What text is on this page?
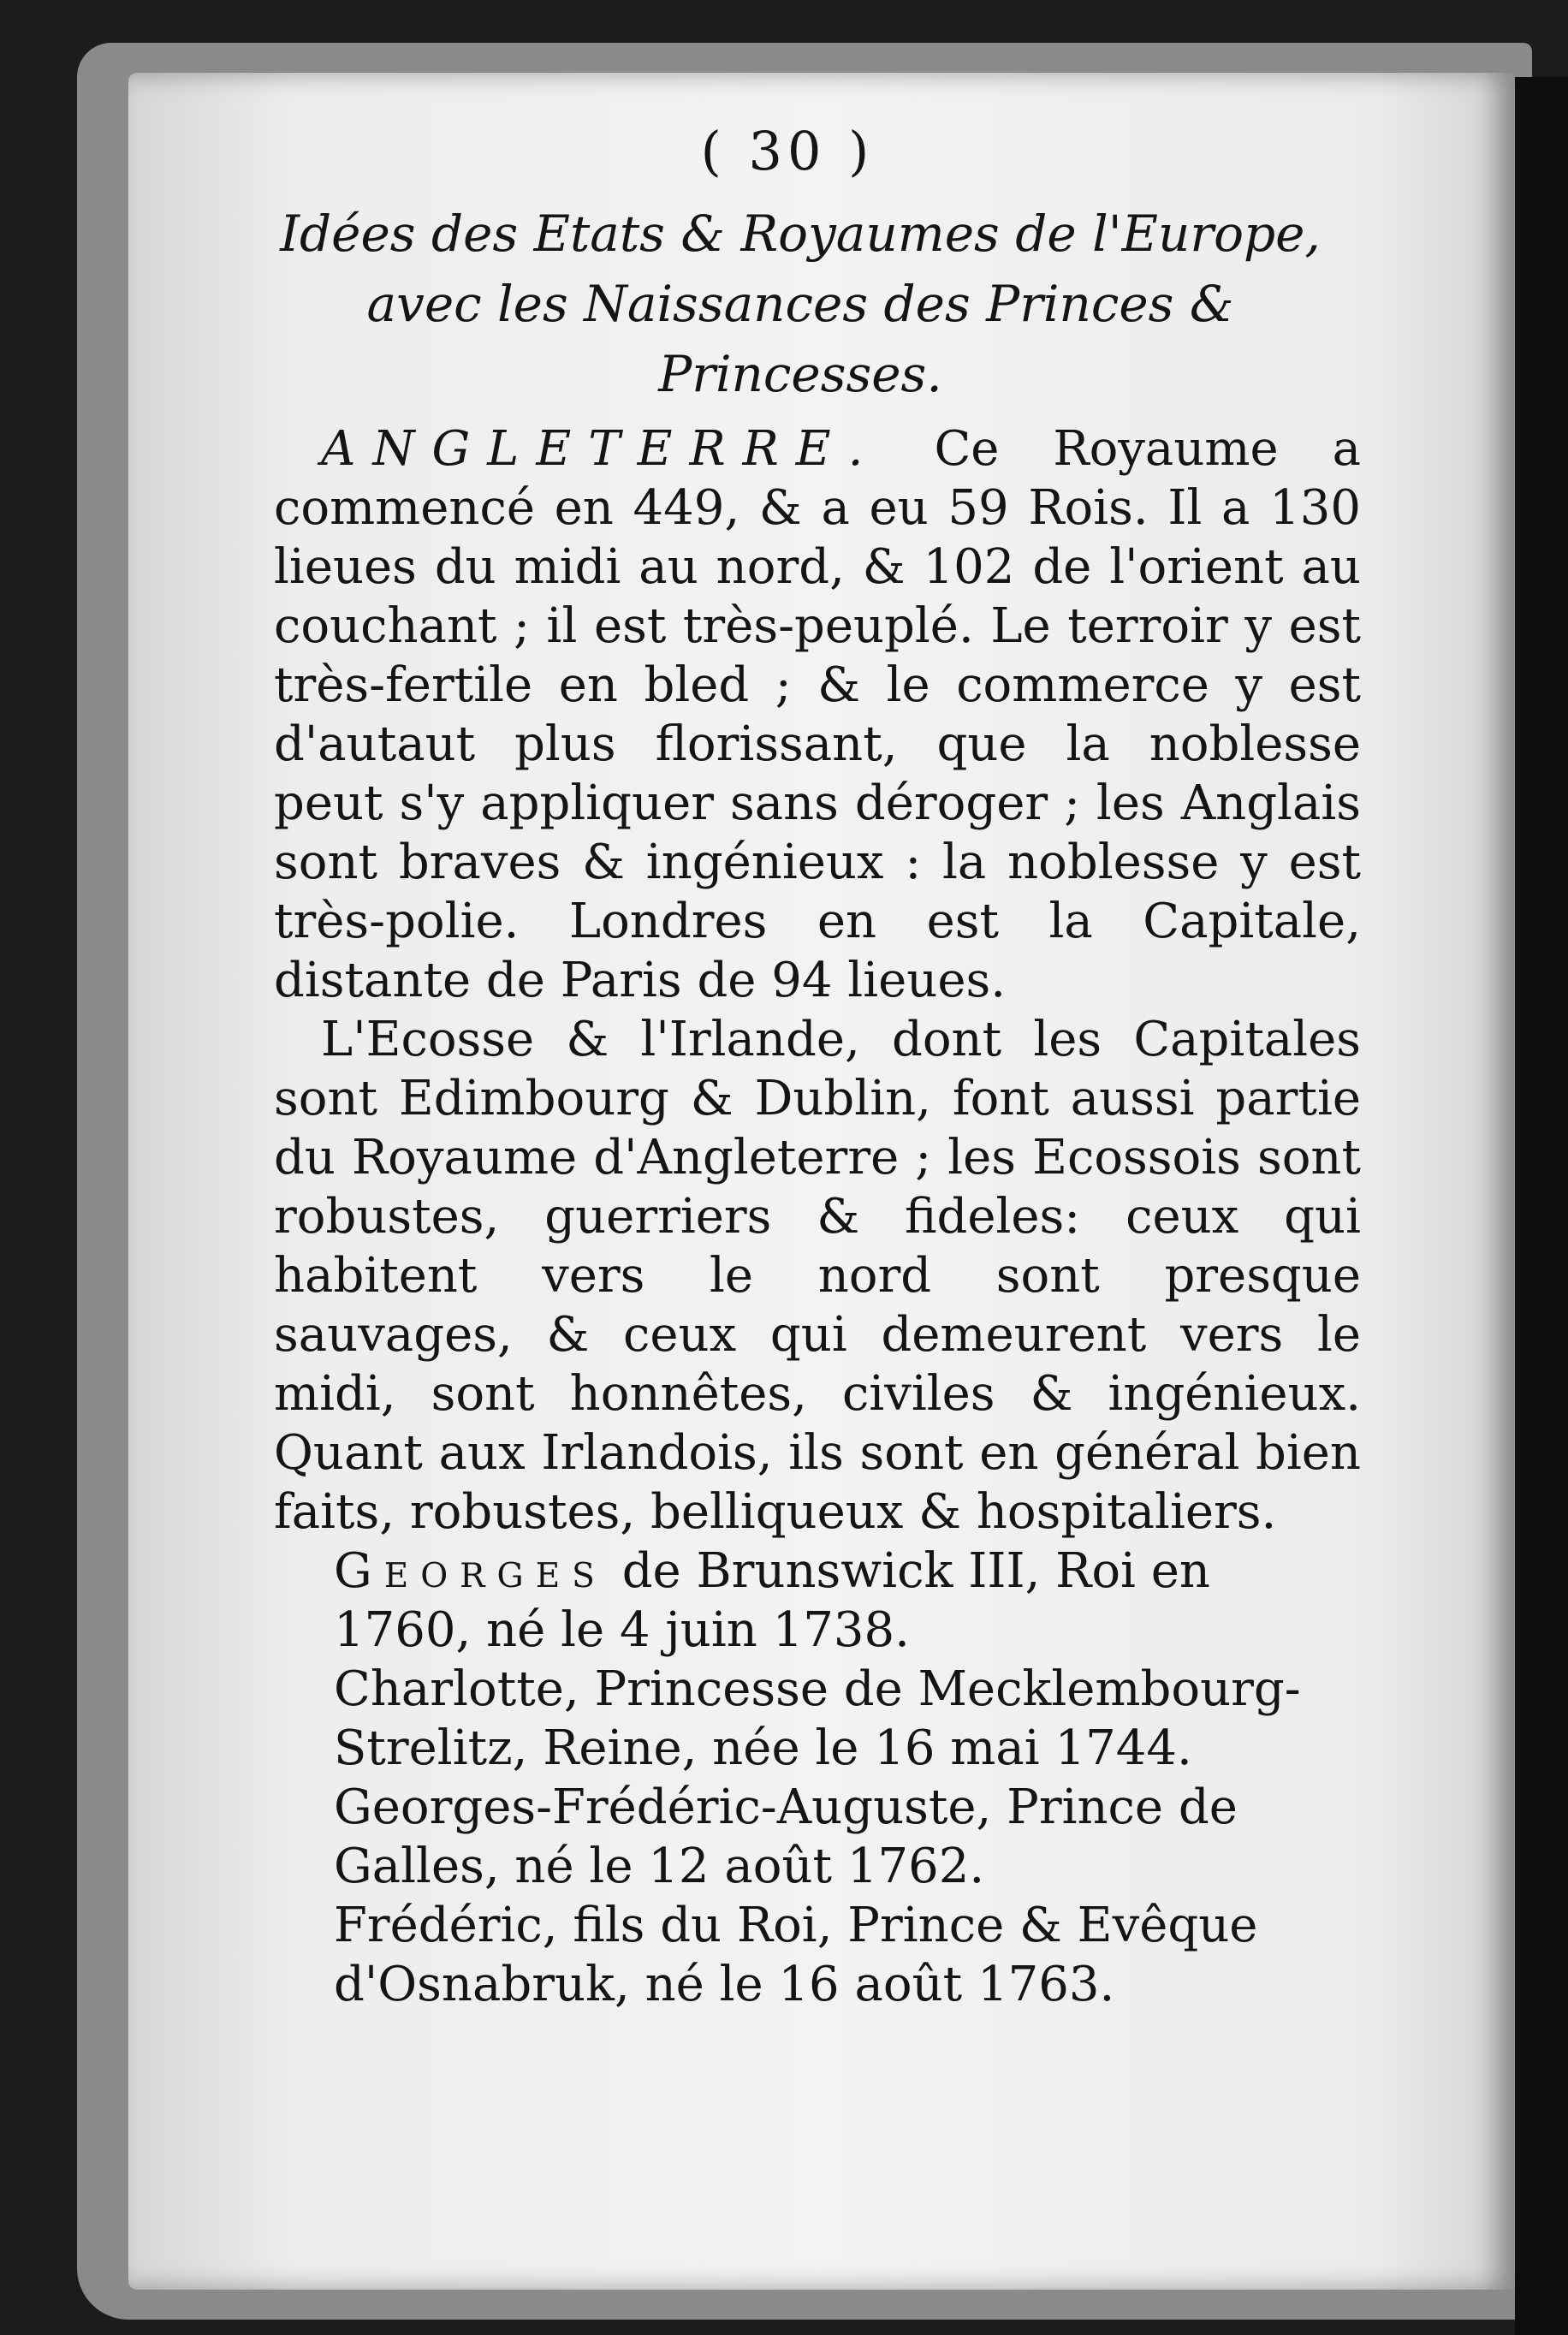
( 30 )
Idées des Etats & Royaumes de l'Europe,
avec les Naissances des Princes &
Princesses.

ANGLETERRE. Ce Royaume a commencé en 449, & a eu 59 Rois. Il a 130 lieues du midi au nord, & 102 de l'orient au couchant ; il est très-peuplé. Le terroir y est très-fertile en bled ; & le commerce y est d'autaut plus florissant, que la noblesse peut s'y appliquer sans déroger ; les Anglais sont braves & ingénieux : la noblesse y est très-polie. Londres en est la Capitale, distante de Paris de 94 lieues.

L'Ecosse & l'Irlande, dont les Capitales sont Edimbourg & Dublin, font aussi partie du Royaume d'Angleterre ; les Ecossois sont robustes, guerriers & fideles: ceux qui habitent vers le nord sont presque sauvages, & ceux qui demeurent vers le midi, sont honnêtes, civiles & ingénieux. Quant aux Irlandois, ils sont en général bien faits, robustes, belliqueux & hospitaliers.

Georges de Brunswick III, Roi en 1760, né le 4 juin 1738.

Charlotte, Princesse de Mecklembourg-Strelitz, Reine, née le 16 mai 1744.

Georges-Frédéric-Auguste, Prince de Galles, né le 12 août 1762.

Frédéric, fils du Roi, Prince & Evêque d'Osnabruk, né le 16 août 1763.
